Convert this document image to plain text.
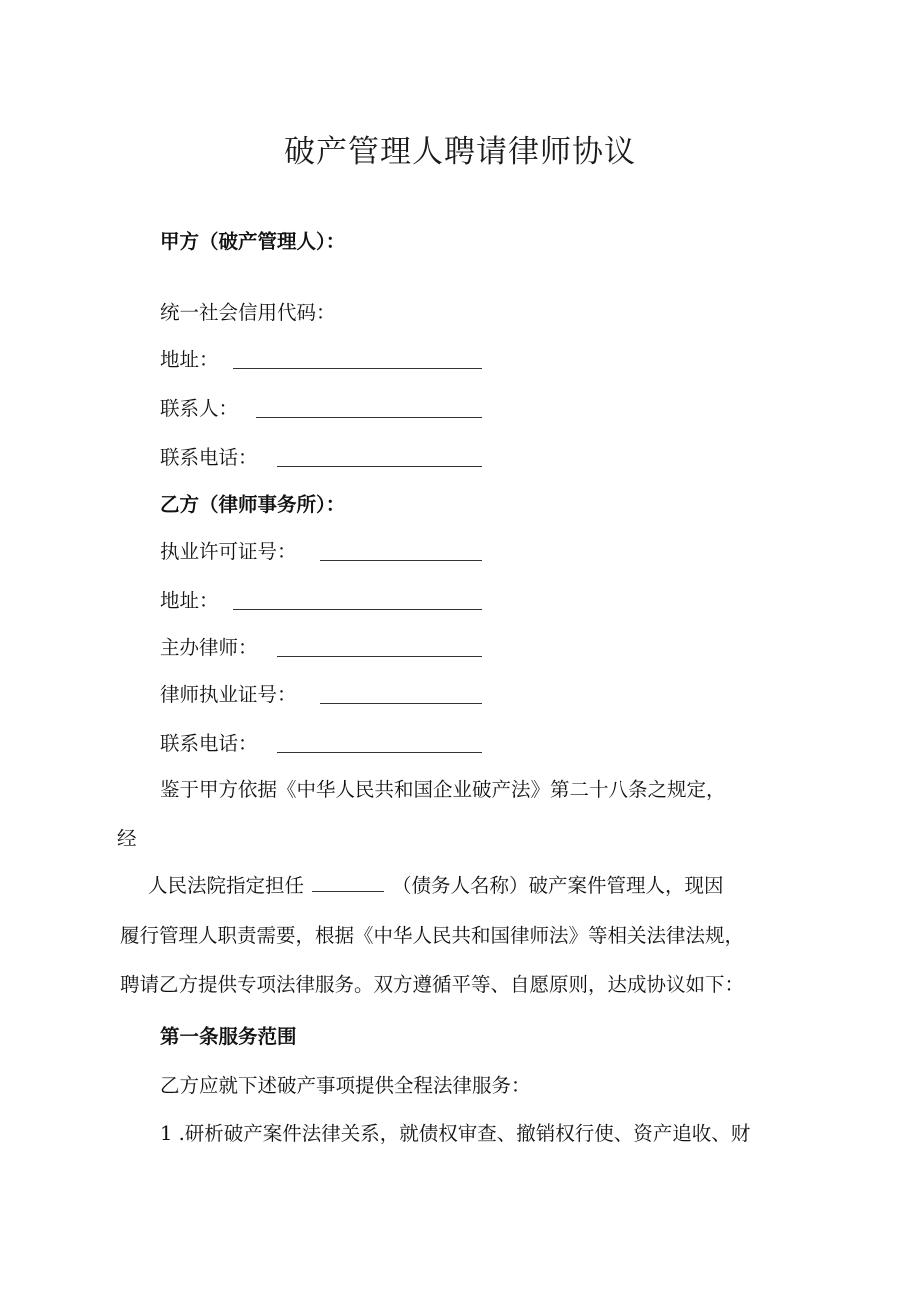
破产管理人聘请律师协议
甲方（破产管理人）：
统一社会信用代码：
地址：
联系人：
联系电话：
乙方（律师事务所）：
执业许可证号：
地址：
主办律师：
律师执业证号：
联系电话：
鉴于甲方依据《中华人民共和国企业破产法》第二十八条之规定，
经
人民法院指定担任	（债务人名称）破产案件管理人，现因
履行管理人职责需要，根据《中华人民共和国律师法》等相关法律法规，
聘请乙方提供专项法律服务。双方遵循平等、自愿原则，达成协议如下：
第一条服务范围
乙方应就下述破产事项提供全程法律服务：
1 .研析破产案件法律关系，就债权审查、撤销权行使、资产追收、财
